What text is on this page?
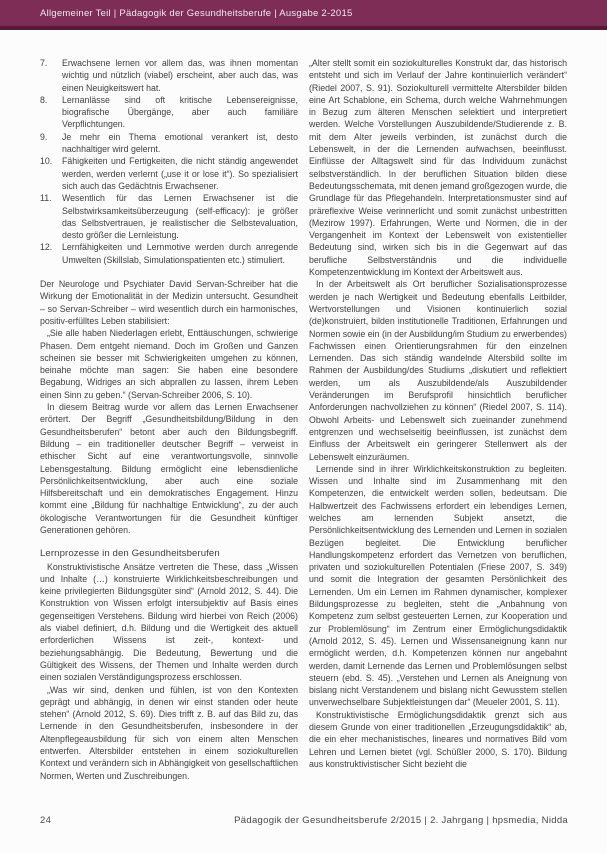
Allgemeiner Teil | Pädagogik der Gesundheitsberufe | Ausgabe 2-2015
7.	Erwachsene lernen vor allem das, was ihnen momentan wichtig und nützlich (viabel) erscheint, aber auch das, was einen Neuigkeitswert hat.
8.	Lernanlässe sind oft kritische Lebensereignisse, biografische Übergänge, aber auch familiäre Verpflichtungen.
9.	Je mehr ein Thema emotional verankert ist, desto nachhaltiger wird gelernt.
10.	Fähigkeiten und Fertigkeiten, die nicht ständig angewendet werden, werden verlernt („use it or lose it“). So spezialisiert sich auch das Gedächtnis Erwachsener.
11.	Wesentlich für das Lernen Erwachsener ist die Selbstwirksamkeitsüberzeugung (self-efficacy): je größer das Selbstvertrauen, je realistischer die Selbstevaluation, desto größer die Lernleistung.
12.	Lernfähigkeiten und Lernmotive werden durch anregende Umwelten (Skillslab, Simulationspatienten etc.) stimuliert.

Der Neurologe und Psychiater David Servan-Schreiber hat die Wirkung der Emotionalität in der Medizin untersucht. Gesundheit – so Servan-Schreiber – wird wesentlich durch ein harmonisches, positiv-erfülltes Leben stabilisiert:

„Sie alle haben Niederlagen erlebt, Enttäuschungen, schwierige Phasen. Dem entgeht niemand. Doch im Großen und Ganzen scheinen sie besser mit Schwierigkeiten umgehen zu können, beinahe möchte man sagen: Sie haben eine besondere Begabung, Widriges an sich abprallen zu lassen, ihrem Leben einen Sinn zu geben.“ (Servan-Schreiber 2006, S. 10).

In diesem Beitrag wurde vor allem das Lernen Erwachsener erörtert. Der Begriff „Gesundheitsbildung/Bildung in den Gesundheitsberufen“ betont aber auch den Bildungsbegriff. Bildung – ein traditioneller deutscher Begriff – verweist in ethischer Sicht auf eine verantwortungsvolle, sinnvolle Lebensgestaltung. Bildung ermöglicht eine lebensdienliche Persönlichkeitsentwicklung, aber auch eine soziale Hilfsbereitschaft und ein demokratisches Engagement. Hinzu kommt eine „Bildung für nachhaltige Entwicklung“, zu der auch ökologische Verantwortungen für die Gesundheit künftiger Generationen gehören.

Lernprozesse in den Gesundheitsberufen

Konstruktivistische Ansätze vertreten die These, dass „Wissen und Inhalte (…) konstruierte Wirklichkeitsbeschreibungen und keine privilegierten Bildungsgüter sind“ (Arnold 2012, S. 44). Die Konstruktion von Wissen erfolgt intersubjektiv auf Basis eines gegenseitigen Verstehens. Bildung wird hierbei von Reich (2006) als viabel definiert, d.h. Bildung und die Wertigkeit des aktuell erforderlichen Wissens ist zeit-, kontext- und beziehungsabhängig. Die Bedeutung, Bewertung und die Gültigkeit des Wissens, der Themen und Inhalte werden durch einen sozialen Verständigungsprozess erschlossen.

„Was wir sind, denken und fühlen, ist von den Kontexten geprägt und abhängig, in denen wir einst standen oder heute stehen“ (Arnold 2012, S. 69). Dies trifft z. B. auf das Bild zu, das Lernende in den Gesundheitsberufen, insbesondere in der Altenpflegeausbildung für sich von einem alten Menschen entwerfen. Altersbilder entstehen in einem soziokulturellen Kontext und verändern sich in Abhängigkeit von gesellschaftlichen Normen, Werten und Zuschreibungen.

„Alter stellt somit ein soziokulturelles Konstrukt dar, das historisch entsteht und sich im Verlauf der Jahre kontinuierlich verändert“ (Riedel 2007, S. 91). Soziokulturell vermittelte Altersbilder bilden eine Art Schablone, ein Schema, durch welche Wahrnehmungen in Bezug zum älteren Menschen selektiert und interpretiert werden. Welche Vorstellungen Auszubildende/Studierende z. B. mit dem Alter jeweils verbinden, ist zunächst durch die Lebenswelt, in der die Lernenden aufwachsen, beeinflusst. Einflüsse der Alltagswelt sind für das Individuum zunächst selbstverständlich. In der beruflichen Situation bilden diese Bedeutungsschemata, mit denen jemand großgezogen wurde, die Grundlage für das Pflegehandeln. Interpretationsmuster sind auf präreflexive Weise verinnerlicht und somit zunächst unbestritten (Mezirow 1997). Erfahrungen, Werte und Normen, die in der Vergangenheit im Kontext der Lebenswelt von existentieller Bedeutung sind, wirken sich bis in die Gegenwart auf das berufliche Selbstverständnis und die individuelle Kompetenzentwicklung im Kontext der Arbeitswelt aus.

In der Arbeitswelt als Ort beruflicher Sozialisationsprozesse werden je nach Wertigkeit und Bedeutung ebenfalls Leitbilder, Wertvorstellungen und Visionen kontinuierlich sozial (de)konstruiert, bilden institutionelle Traditionen, Erfahrungen und Normen sowie ein (in der Ausbildung/im Studium zu erwerbendes) Fachwissen einen Orientierungsrahmen für den einzelnen Lernenden. Das sich ständig wandelnde Altersbild sollte im Rahmen der Ausbildung/des Studiums „diskutiert und reflektiert werden, um als Auszubildende/als Auszubildender Veränderungen im Berufsprofil hinsichtlich beruflicher Anforderungen nachvollziehen zu können“ (Riedel 2007, S. 114). Obwohl Arbeits- und Lebenswelt sich zueinander zunehmend entgrenzen und wechselseitig beeinflussen, ist zunächst dem Einfluss der Arbeitswelt ein geringerer Stellenwert als der Lebenswelt einzuräumen.

Lernende sind in ihrer Wirklichkeitskonstruktion zu begleiten. Wissen und Inhalte sind im Zusammenhang mit den Kompetenzen, die entwickelt werden sollen, bedeutsam. Die Halbwertzeit des Fachwissens erfordert ein lebendiges Lernen, welches am lernenden Subjekt ansetzt, die Persönlichkeitsentwicklung des Lernenden und Lernen in sozialen Bezügen begleitet. Die Entwicklung beruflicher Handlungskompetenz erfordert das Vernetzen von beruflichen, privaten und soziokulturellen Potentialen (Friese 2007, S. 349) und somit die Integration der gesamten Persönlichkeit des Lernenden. Um ein Lernen im Rahmen dynamischer, komplexer Bildungsprozesse zu begleiten, steht die „Anbahnung von Kompetenz zum selbst gesteuerten Lernen, zur Kooperation und zur Problemlösung“ im Zentrum einer Ermöglichungsdidaktik (Arnold 2012, S. 45). Lernen und Wissensaneignung kann nur ermöglicht werden, d.h. Kompetenzen können nur angebahnt werden, damit Lernende das Lernen und Problemlösungen selbst steuern (ebd. S. 45). „Verstehen und Lernen als Aneignung von bislang nicht Verstandenem und bislang nicht Gewusstem stellen unverwechselbare Subjektleistungen dar“ (Meueler 2001, S. 11).

Konstruktivistische Ermöglichungsdidaktik grenzt sich aus diesem Grunde von einer traditionellen „Erzeugungsdidaktik“ ab, die ein eher mechanistisches, lineares und normatives Bild vom Lehren und Lernen bietet (vgl. Schüßler 2000, S. 170). Bildung aus konstruktivistischer Sicht bezieht die

24	Pädagogik der Gesundheitsberufe 2/2015 | 2. Jahrgang | hpsmedia, Nidda
